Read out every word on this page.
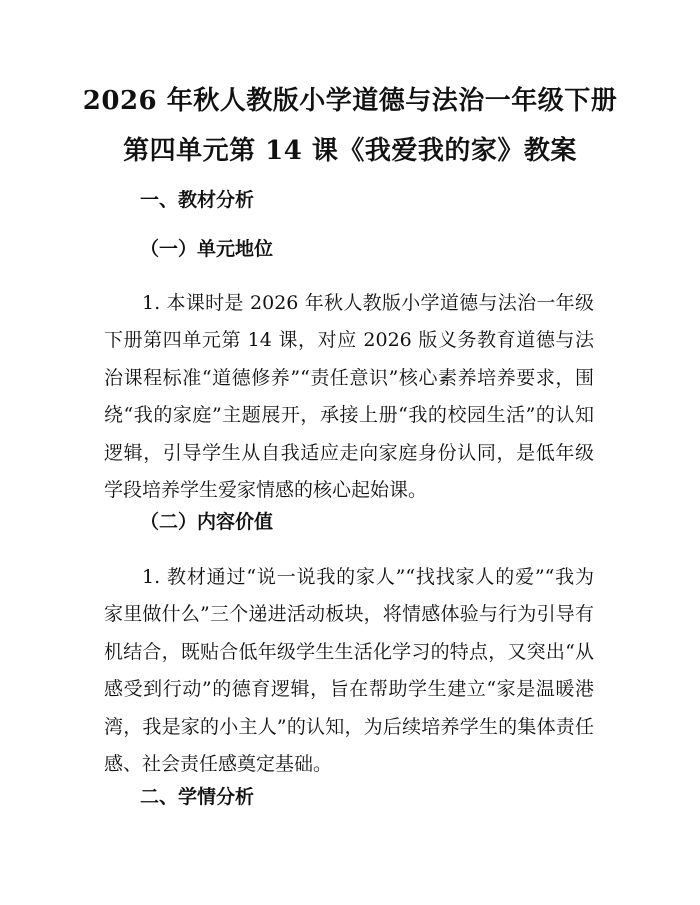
2026 年秋人教版小学道德与法治一年级下册
第四单元第 14 课《我爱我的家》教案
一、教材分析
（一）单元地位

1. 本课时是 2026 年秋人教版小学道德与法治一年级下册第四单元第 14 课，对应 2026 版义务教育道德与法治课程标准“道德修养”“责任意识”核心素养培养要求，围绕“我的家庭”主题展开，承接上册“我的校园生活”的认知逻辑，引导学生从自我适应走向家庭身份认同，是低年级学段培养学生爱家情感的核心起始课。

（二）内容价值

1. 教材通过“说一说我的家人”“找找家人的爱”“我为家里做什么”三个递进活动板块，将情感体验与行为引导有机结合，既贴合低年级学生生活化学习的特点，又突出“从感受到行动”的德育逻辑，旨在帮助学生建立“家是温暖港湾，我是家的小主人”的认知，为后续培养学生的集体责任感、社会责任感奠定基础。

二、学情分析
